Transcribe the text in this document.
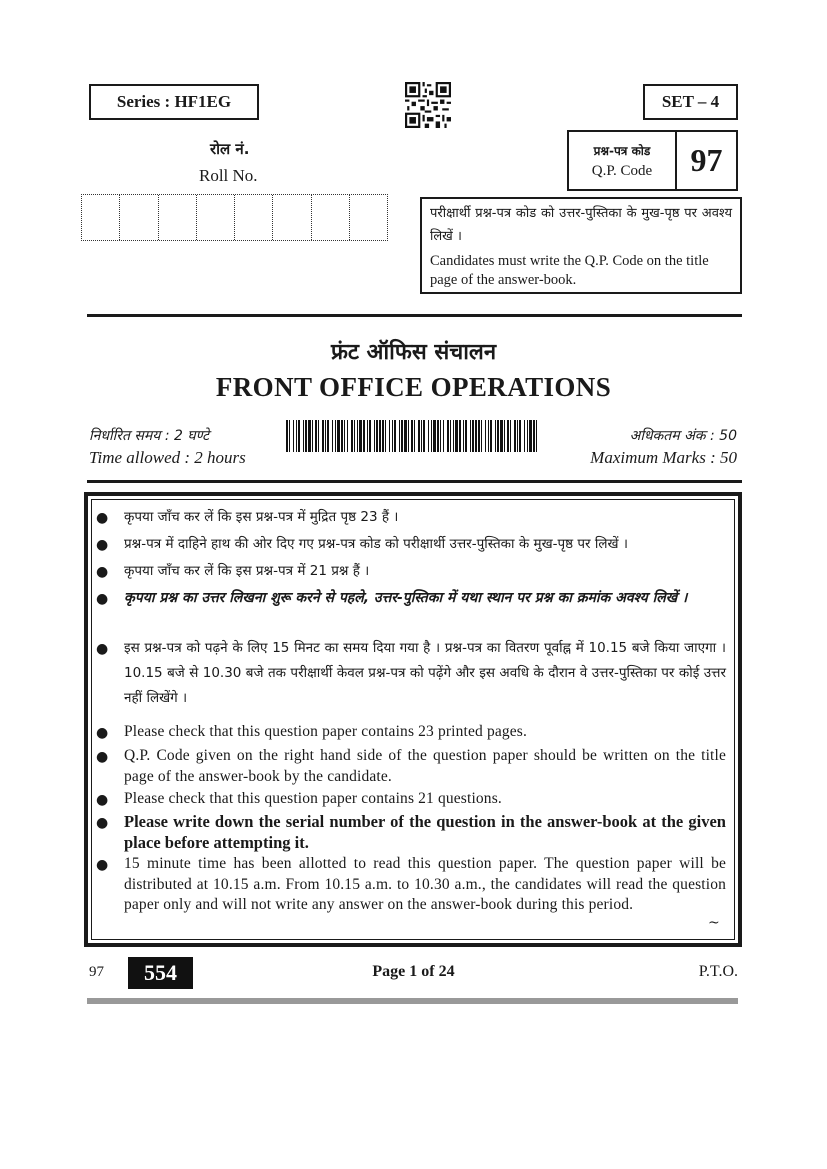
Series : HF1EG	SET – 4
रोल नं.
Roll No.
प्रश्न-पत्र कोड
Q.P. Code	97
परीक्षार्थी प्रश्न-पत्र कोड को उत्तर-पुस्तिका के मुख-पृष्ठ पर अवश्य लिखें ।
Candidates must write the Q.P. Code on the title page of the answer-book.
फ्रंट ऑफिस संचालन
FRONT OFFICE OPERATIONS
निर्धारित समय : 2 घण्टे
Time allowed : 2 hours
अधिकतम अंक : 50
Maximum Marks : 50
● कृपया जाँच कर लें कि इस प्रश्न-पत्र में मुद्रित पृष्ठ 23 हैं ।
● प्रश्न-पत्र में दाहिने हाथ की ओर दिए गए प्रश्न-पत्र कोड को परीक्षार्थी उत्तर-पुस्तिका के मुख-पृष्ठ पर लिखें ।
● कृपया जाँच कर लें कि इस प्रश्न-पत्र में 21 प्रश्न हैं ।
● कृपया प्रश्न का उत्तर लिखना शुरू करने से पहले, उत्तर-पुस्तिका में यथा स्थान पर प्रश्न का क्रमांक अवश्य लिखें ।
● इस प्रश्न-पत्र को पढ़ने के लिए 15 मिनट का समय दिया गया है । प्रश्न-पत्र का वितरण पूर्वाह्न में 10.15 बजे किया जाएगा । 10.15 बजे से 10.30 बजे तक परीक्षार्थी केवल प्रश्न-पत्र को पढ़ेंगे और इस अवधि के दौरान वे उत्तर-पुस्तिका पर कोई उत्तर नहीं लिखेंगे ।
● Please check that this question paper contains 23 printed pages.
● Q.P. Code given on the right hand side of the question paper should be written on the title page of the answer-book by the candidate.
● Please check that this question paper contains 21 questions.
● Please write down the serial number of the question in the answer-book at the given place before attempting it.
● 15 minute time has been allotted to read this question paper. The question paper will be distributed at 10.15 a.m. From 10.15 a.m. to 10.30 a.m., the candidates will read the question paper only and will not write any answer on the answer-book during this period.
~
97	554	Page 1 of 24	P.T.O.
